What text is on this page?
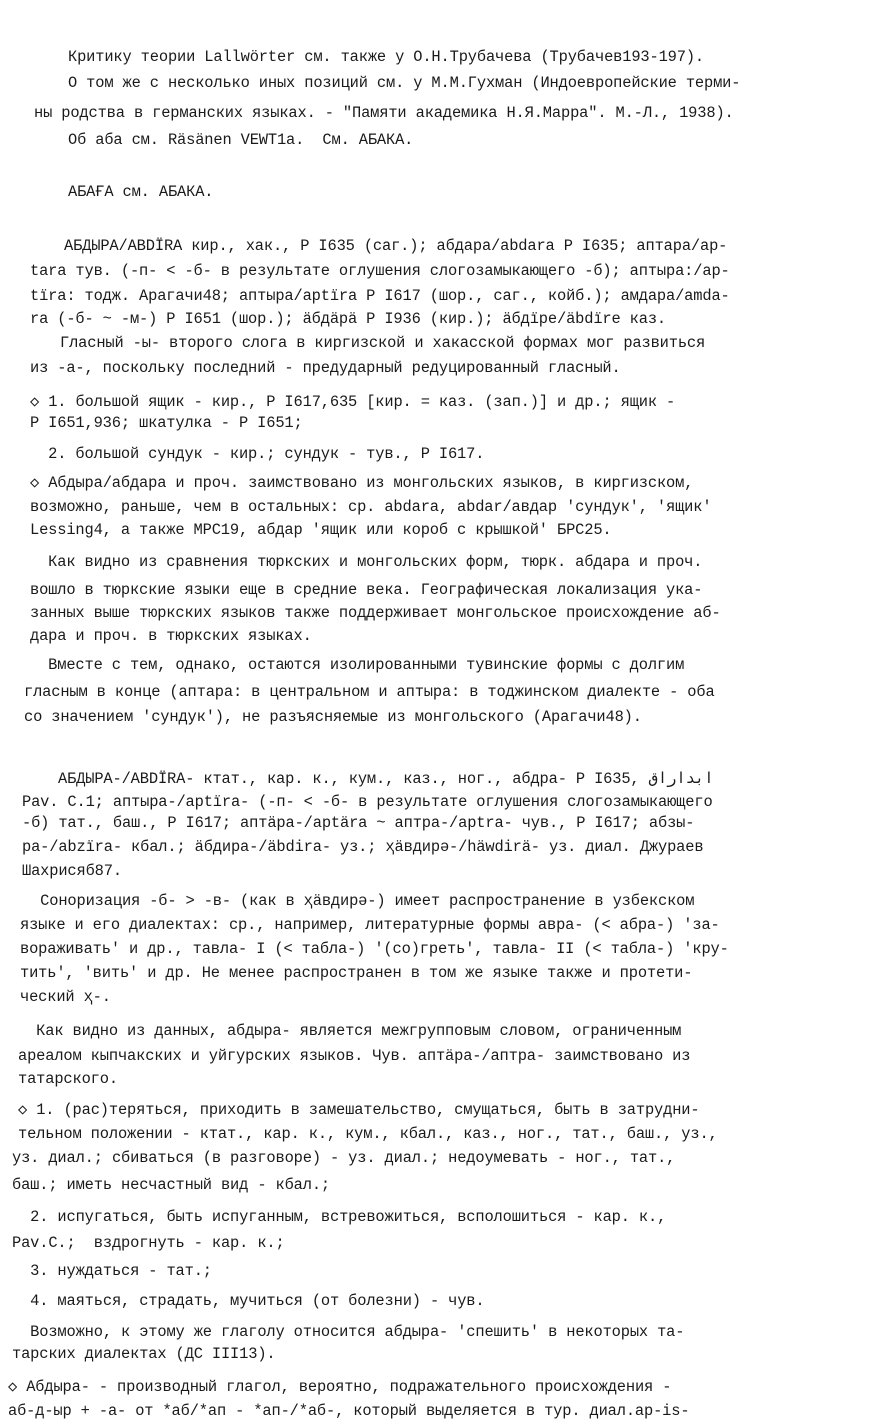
Критику теории Lallwörter см. также у О.Н.Трубачева (Трубачев193-197).
О том же с несколько иных позиций см. у М.М.Гухман (Индоевропейские терми-
ны родства в германских языках. - "Памяти академика Н.Я.Марра". М.-Л., 1938).
Об аба см. Räsänen VEWT1a.  См. АБАКА.
АБАҒА см. АБАКА.
АБДЫРА/ABDÏRA кир., хак., Р I635 (саг.); абдара/abdara Р I635; аптара/ap-
tara тув. (-п- < -б- в результате оглушения слогозамыкающего -б); аптыра:/ap-
tïra: тодж. Арагачи48; аптыра/aptïra Р I617 (шор., саг., койб.); амдара/amda-
ra (-б- ~ -м-) Р I651 (шор.); ӓбдӓрӓ Р I936 (кир.); ӓбдїре/äbdïre каз.
Гласный -ы- второго слога в киргизской и хакасской формах мог развиться
из -а-, поскольку последний - предударный редуцированный гласный.
◇ 1. большой ящик - кир., Р I617,635 [кир. = каз. (зап.)] и др.; ящик -
Р I651,936; шкатулка - Р I651;
2. большой сундук - кир.; сундук - тув., Р I617.
◇ Абдыра/абдара и проч. заимствовано из монгольских языков, в киргизском,
возможно, раньше, чем в остальных: ср. abdara, abdar/авдар 'сундук', 'ящик'
Lessing4, а также МРС19, абдар 'ящик или короб с крышкой' БРС25.
Как видно из сравнения тюркских и монгольских форм, тюрк. абдара и проч.
вошло в тюркские языки еще в средние века. Географическая локализация ука-
занных выше тюркских языков также поддерживает монгольское происхождение аб-
дара и проч. в тюркских языках.
Вместе с тем, однако, остаются изолированными тувинские формы с долгим
гласным в конце (аптара: в центральном и аптыра: в тоджинском диалекте - оба
со значением 'сундук'), не разъясняемые из монгольского (Арагачи48).
АБДЫРА-/ABDÏRA- ктат., кар. к., кум., каз., ног., абдра- Р I635, ابداراق
Pav. C.1; аптыра-/aptïra- (-п- < -б- в результате оглушения слогозамыкающего
-б) тат., баш., Р I617; аптӓра-/aptära ~ аптра-/aptra- чув., Р I617; абзы-
ра-/abzïra- кбал.; ӓбдира-/äbdira- уз.; ҳӓвдирә-/häwdirä- уз. диал. Джураев
Шахрисяб87.
Соноризация -б- > -в- (как в ҳӓвдирә-) имеет распространение в узбекском
языке и его диалектах: ср., например, литературные формы авра- (< абра-) 'за-
вораживать' и др., тавла- I (< табла-) '(со)греть', тавла- II (< табла-) 'кру-
тить', 'вить' и др. Не менее распространен в том же языке также и протети-
ческий ҳ-.
Как видно из данных, абдыра- является межгрупповым словом, ограниченным
ареалом кыпчакских и уйгурских языков. Чув. аптӓра-/аптра- заимствовано из
татарского.
◇ 1. (рас)теряться, приходить в замешательство, смущаться, быть в затрудни-
тельном положении - ктат., кар. к., кум., кбал., каз., ног., тат., баш., уз.,
уз. диал.; сбиваться (в разговоре) - уз. диал.; недоумевать - ног., тат.,
баш.; иметь несчастный вид - кбал.;
2. испугаться, быть испуганным, встревожиться, всполошиться - кар. к.,
Pav.C.;  вздрогнуть - кар. к.;
3. нуждаться - тат.;
4. маяться, страдать, мучиться (от болезни) - чув.
Возможно, к этому же глаголу относится абдыра- 'спешить' в некоторых та-
тарских диалектах (ДС III13).
◇ Абдыра- - производный глагол, вероятно, подражательного происхождения -
аб-д-ыр + -а- от *аб/*ап - *ап-/*аб-, который выделяется в тур. диал.ap-is-
